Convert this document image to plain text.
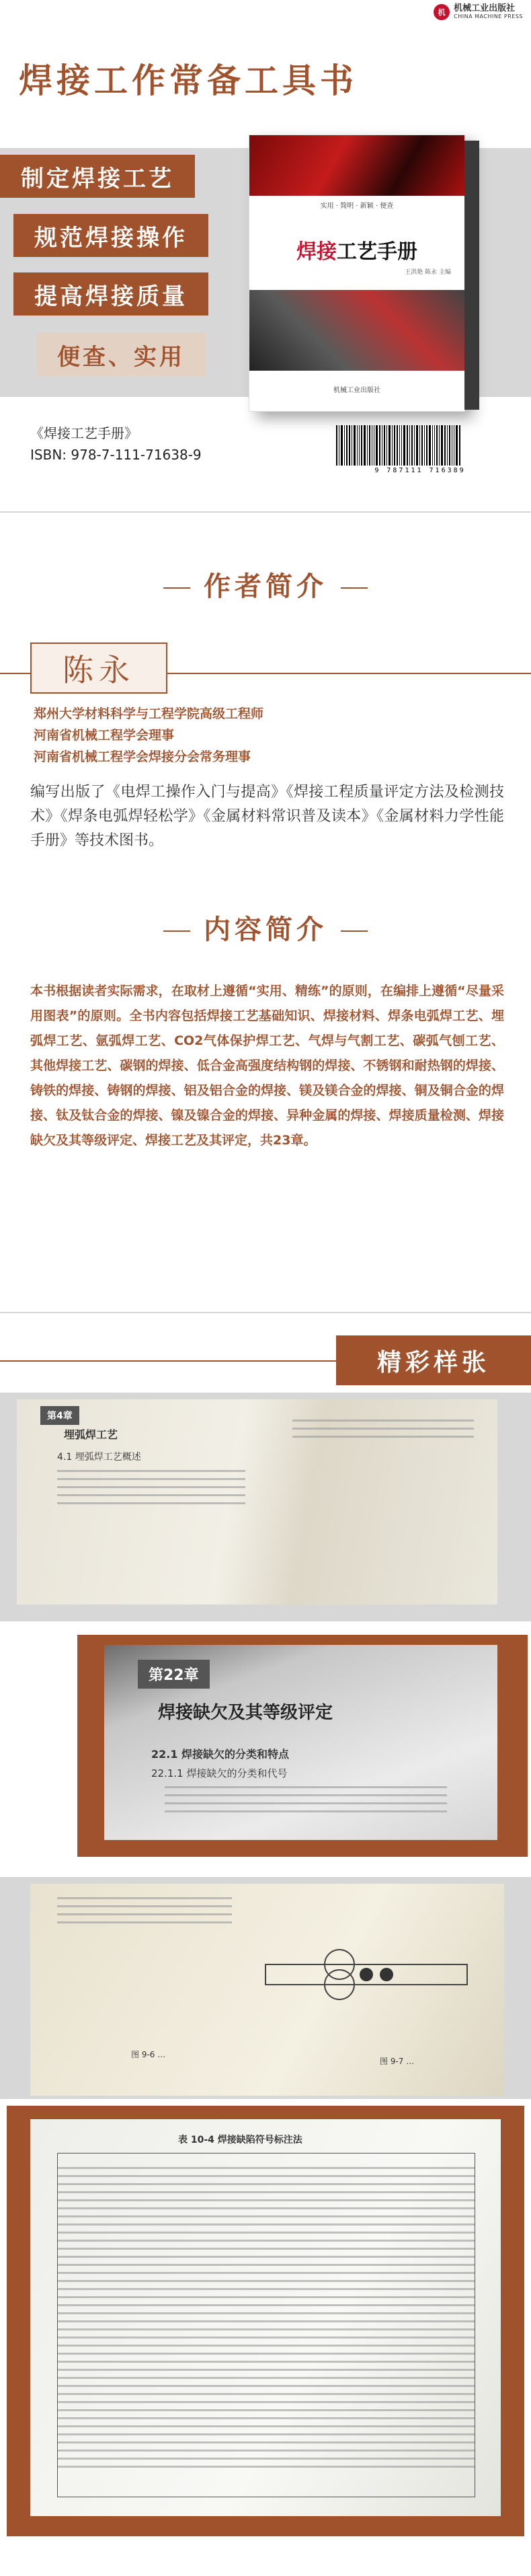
机 机械工业出版社
CHINA MACHINE PRESS
焊接工作常备工具书
制定焊接工艺
规范焊接操作
提高焊接质量
便查、实用
实用 · 简明 · 新颖 · 便查
焊接工艺手册
王洪艳 陈永 主编
机械工业出版社
《焊接工艺手册》
ISBN: 978-7-111-71638-9
9 787111 716389
作者简介
陈永
郑州大学材料科学与工程学院高级工程师
河南省机械工程学会理事
河南省机械工程学会焊接分会常务理事
编写出版了《电焊工操作入门与提高》《焊接工程质量评定方法及检测技术》《焊条电弧焊轻松学》《金属材料常识普及读本》《金属材料力学性能手册》等技术图书。
内容简介
本书根据读者实际需求，在取材上遵循“实用、精练”的原则，在编排上遵循“尽量采用图表”的原则。全书内容包括焊接工艺基础知识、焊接材料、焊条电弧焊工艺、埋弧焊工艺、氩弧焊工艺、CO2气体保护焊工艺、气焊与气割工艺、碳弧气刨工艺、其他焊接工艺、碳钢的焊接、低合金高强度结构钢的焊接、不锈钢和耐热钢的焊接、铸铁的焊接、铸钢的焊接、铝及铝合金的焊接、镁及镁合金的焊接、铜及铜合金的焊接、钛及钛合金的焊接、镍及镍合金的焊接、异种金属的焊接、焊接质量检测、焊接缺欠及其等级评定、焊接工艺及其评定，共23章。
精彩样张
第4章
埋弧焊工艺
4.1 埋弧焊工艺概述
第22章
焊接缺欠及其等级评定
22.1 焊接缺欠的分类和特点
22.1.1 焊接缺欠的分类和代号
图 9-6 …
图 9-7 …
表 10-4 焊接缺陷符号标注法
